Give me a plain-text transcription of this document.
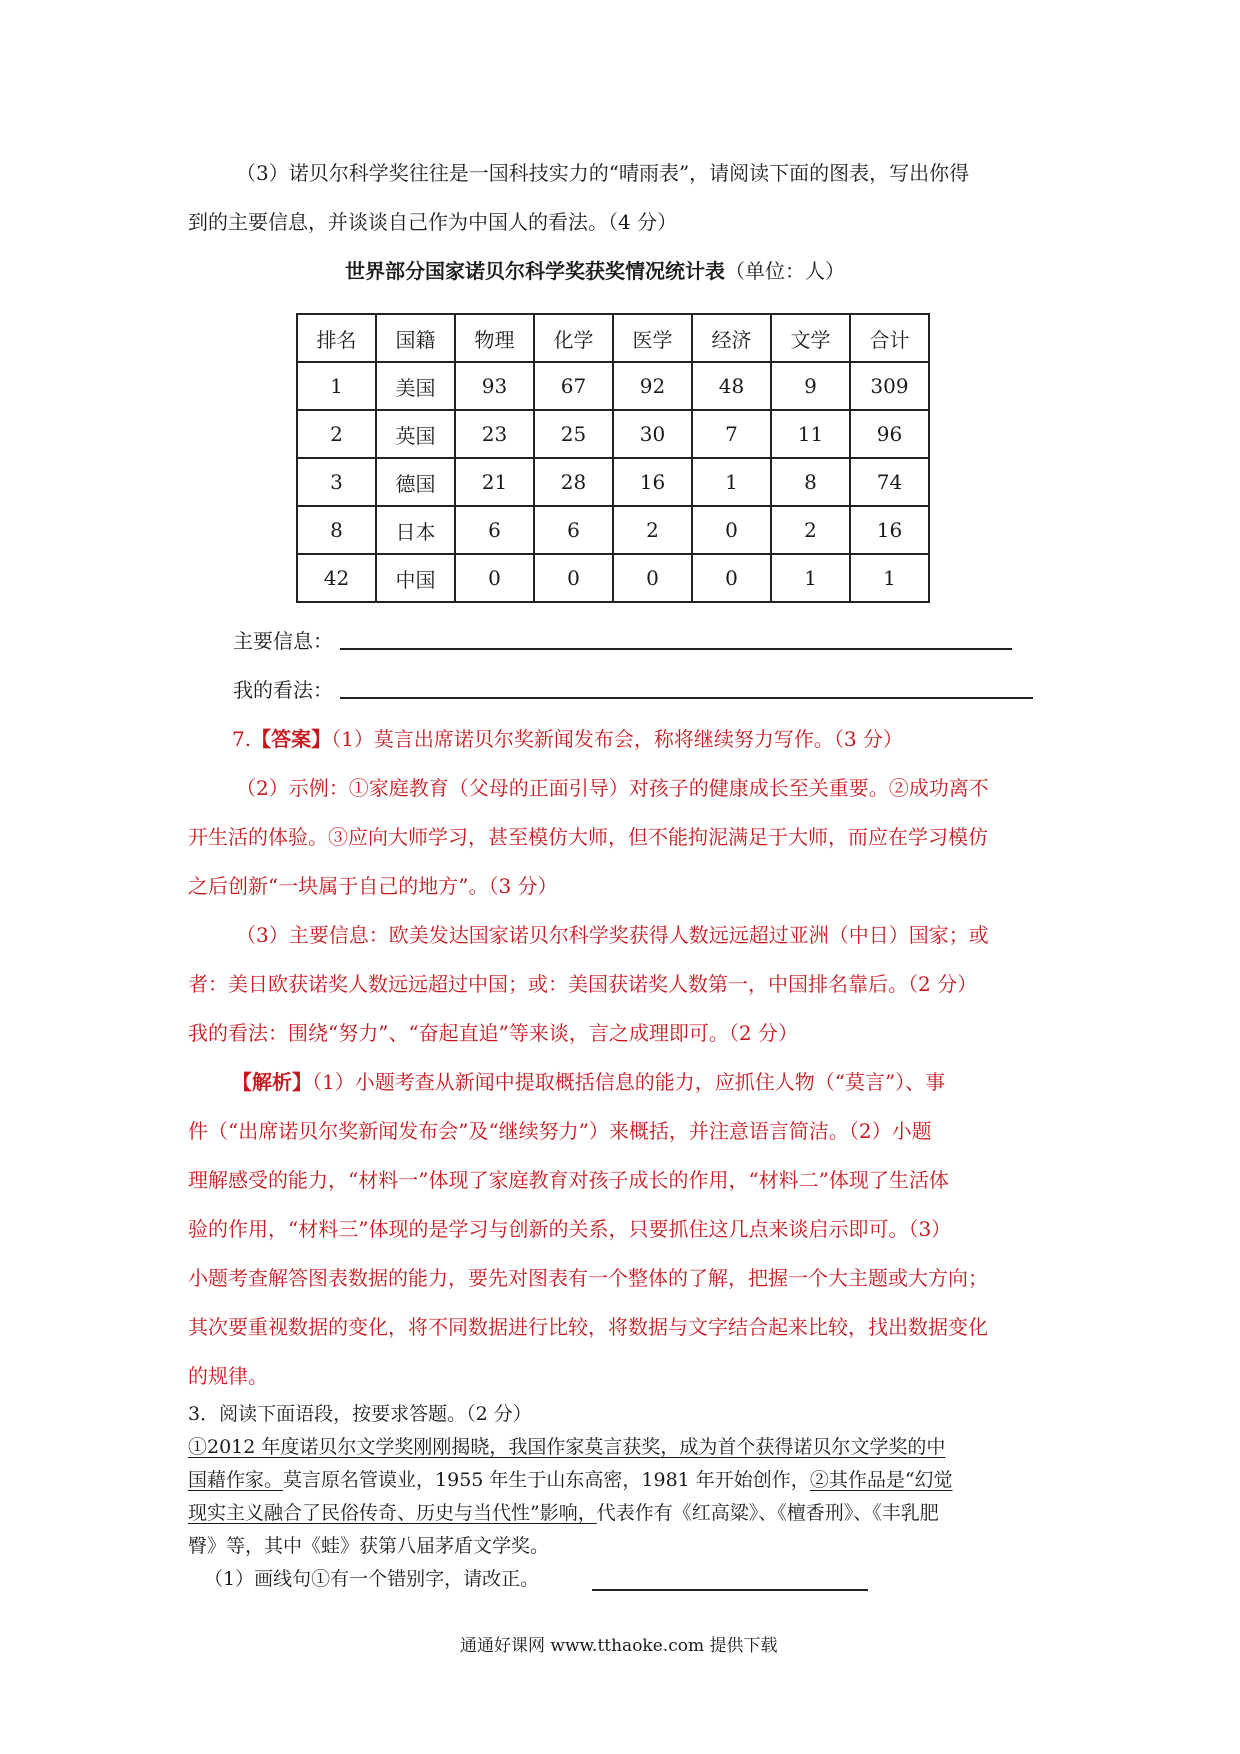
（3）诺贝尔科学奖往往是一国科技实力的“晴雨表”，请阅读下面的图表，写出你得
到的主要信息，并谈谈自己作为中国人的看法。（4 分）
世界部分国家诺贝尔科学奖获奖情况统计表（单位：人）
排名	国籍	物理	化学	医学	经济	文学	合计
1	美国	93	67	92	48	9	309
2	英国	23	25	30	7	11	96
3	德国	21	28	16	1	8	74
8	日本	6	6	2	0	2	16
42	中国	0	0	0	0	1	1
主要信息：
我的看法：
7.【答案】（1）莫言出席诺贝尔奖新闻发布会，称将继续努力写作。（3 分）
（2）示例：①家庭教育（父母的正面引导）对孩子的健康成长至关重要。②成功离不
开生活的体验。③应向大师学习，甚至模仿大师，但不能拘泥满足于大师，而应在学习模仿
之后创新“一块属于自己的地方”。（3 分）
（3）主要信息：欧美发达国家诺贝尔科学奖获得人数远远超过亚洲（中日）国家；或
者：美日欧获诺奖人数远远超过中国；或：美国获诺奖人数第一，中国排名靠后。（2 分）
我的看法：围绕“努力”、“奋起直追”等来谈，言之成理即可。（2 分）
【解析】（1）小题考查从新闻中提取概括信息的能力，应抓住人物（“莫言”）、事
件（“出席诺贝尔奖新闻发布会”及“继续努力”）来概括，并注意语言简洁。（2）小题
理解感受的能力，“材料一”体现了家庭教育对孩子成长的作用，“材料二”体现了生活体
验的作用，“材料三”体现的是学习与创新的关系，只要抓住这几点来谈启示即可。（3）
小题考查解答图表数据的能力，要先对图表有一个整体的了解，把握一个大主题或大方向；
其次要重视数据的变化，将不同数据进行比较，将数据与文字结合起来比较，找出数据变化
的规律。
3．阅读下面语段，按要求答题。（2 分）
①2012 年度诺贝尔文学奖刚刚揭晓，我国作家莫言获奖，成为首个获得诺贝尔文学奖的中
国藉作家。莫言原名管谟业，1955 年生于山东高密，1981 年开始创作，②其作品是“幻觉
现实主义融合了民俗传奇、历史与当代性”影响，代表作有《红高粱》、《檀香刑》、《丰乳肥
臀》等，其中《蛙》获第八届茅盾文学奖。
（1）画线句①有一个错别字，请改正。
通通好课网 www.tthaoke.com 提供下载
